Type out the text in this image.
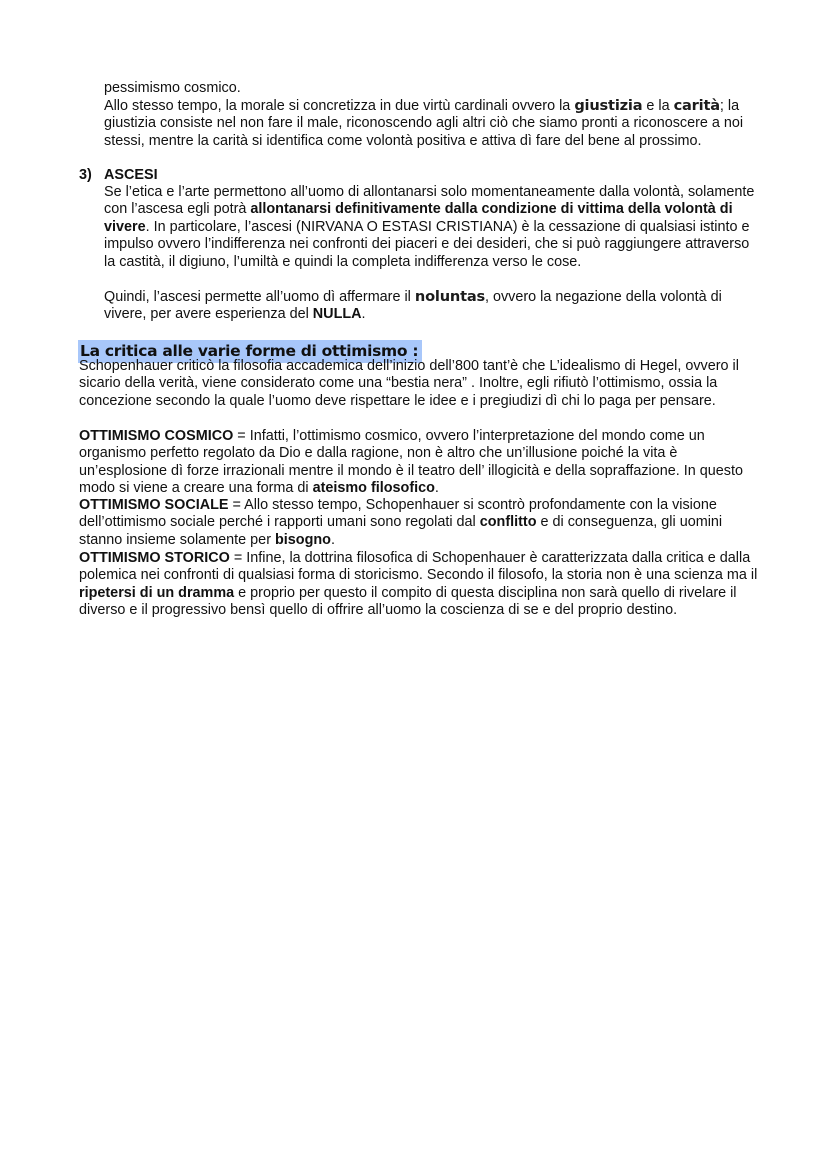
pessimismo cosmico.

Allo stesso tempo, la morale si concretizza in due virtù cardinali ovvero la giustizia e la carità; la giustizia consiste nel non fare il male, riconoscendo agli altri ciò che siamo pronti a riconoscere a noi stessi, mentre la carità si identifica come volontà positiva e attiva dì fare del bene al prossimo.

3) ASCESI

Se l’etica e l’arte permettono all’uomo di allontanarsi solo momentaneamente dalla volontà, solamente con l’ascesa egli potrà allontanarsi definitivamente dalla condizione di vittima della volontà di vivere. In particolare, l’ascesi (NIRVANA O ESTASI CRISTIANA) è la cessazione di qualsiasi istinto e impulso ovvero l’indifferenza nei confronti dei piaceri e dei desideri, che si può raggiungere attraverso la castità, il digiuno, l’umiltà e quindi la completa indifferenza verso le cose.

Quindi, l’ascesi permette all’uomo dì affermare il noluntas, ovvero la negazione della volontà di vivere, per avere esperienza del NULLA.

La critica alle varie forme di ottimismo :

Schopenhauer criticò la filosofia accademica dell’inizio dell’800 tant’è che L’idealismo di Hegel, ovvero il sicario della verità, viene considerato come una “bestia nera” . Inoltre, egli rifiutò l’ottimismo, ossia la concezione secondo la quale l’uomo deve rispettare le idee e i pregiudizi dì chi lo paga per pensare.

OTTIMISMO COSMICO = Infatti, l’ottimismo cosmico, ovvero l’interpretazione del mondo come un organismo perfetto regolato da Dio e dalla ragione, non è altro che un’illusione poiché la vita è un’esplosione dì forze irrazionali mentre il mondo è il teatro dell’ illogicità e della sopraffazione. In questo modo si viene a creare una forma di ateismo filosofico.

OTTIMISMO SOCIALE = Allo stesso tempo, Schopenhauer si scontrò profondamente con la visione dell’ottimismo sociale perché i rapporti umani sono regolati dal conflitto e di conseguenza, gli uomini stanno insieme solamente per bisogno.

OTTIMISMO STORICO = Infine, la dottrina filosofica di Schopenhauer è caratterizzata dalla critica e dalla polemica nei confronti di qualsiasi forma di storicismo. Secondo il filosofo, la storia non è una scienza ma il ripetersi di un dramma e proprio per questo il compito di questa disciplina non sarà quello di rivelare il diverso e il progressivo bensì quello di offrire all’uomo la coscienza di se e del proprio destino.
